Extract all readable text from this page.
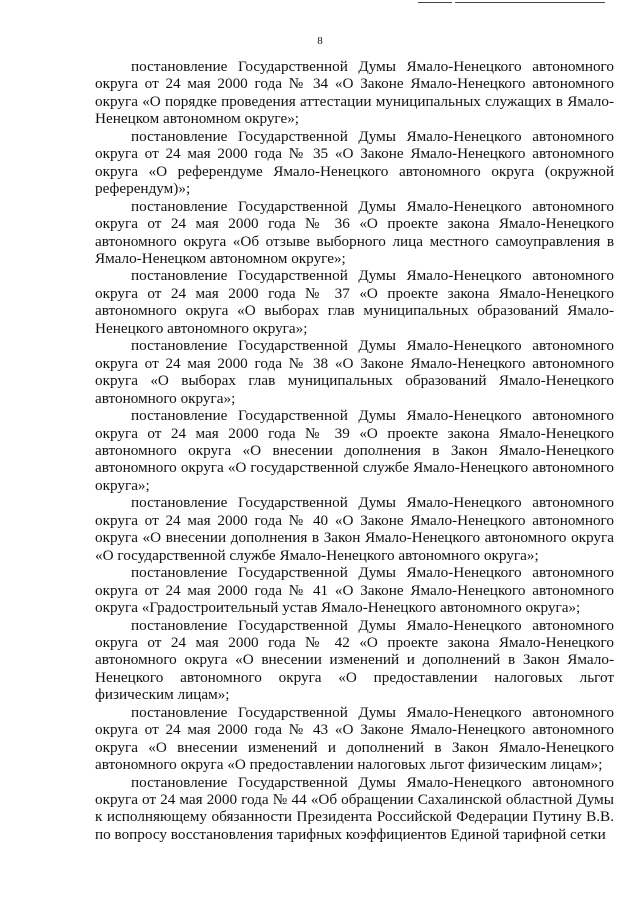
8

постановление Государственной Думы Ямало-Ненецкого автономного округа от 24 мая 2000 года № 34 «О Законе Ямало-Ненецкого автономного округа «О порядке проведения аттестации муниципальных служащих в Ямало-Ненецком автономном округе»;

постановление Государственной Думы Ямало-Ненецкого автономного округа от 24 мая 2000 года № 35 «О Законе Ямало-Ненецкого автономного округа «О референдуме Ямало-Ненецкого автономного округа (окружной референдум)»;

постановление Государственной Думы Ямало-Ненецкого автономного округа от 24 мая 2000 года № 36 «О проекте закона Ямало-Ненецкого автономного округа «Об отзыве выборного лица местного самоуправления в Ямало-Ненецком автономном округе»;

постановление Государственной Думы Ямало-Ненецкого автономного округа от 24 мая 2000 года № 37 «О проекте закона Ямало-Ненецкого автономного округа «О выборах глав муниципальных образований Ямало-Ненецкого автономного округа»;

постановление Государственной Думы Ямало-Ненецкого автономного округа от 24 мая 2000 года № 38 «О Законе Ямало-Ненецкого автономного округа «О выборах глав муниципальных образований Ямало-Ненецкого автономного округа»;

постановление Государственной Думы Ямало-Ненецкого автономного округа от 24 мая 2000 года № 39 «О проекте закона Ямало-Ненецкого автономного округа «О внесении дополнения в Закон Ямало-Ненецкого автономного округа «О государственной службе Ямало-Ненецкого автономного округа»;

постановление Государственной Думы Ямало-Ненецкого автономного округа от 24 мая 2000 года № 40 «О Законе Ямало-Ненецкого автономного округа «О внесении дополнения в Закон Ямало-Ненецкого автономного округа «О государственной службе Ямало-Ненецкого автономного округа»;

постановление Государственной Думы Ямало-Ненецкого автономного округа от 24 мая 2000 года № 41 «О Законе Ямало-Ненецкого автономного округа «Градостроительный устав Ямало-Ненецкого автономного округа»;

постановление Государственной Думы Ямало-Ненецкого автономного округа от 24 мая 2000 года № 42 «О проекте закона Ямало-Ненецкого автономного округа «О внесении изменений и дополнений в Закон Ямало-Ненецкого автономного округа «О предоставлении налоговых льгот физическим лицам»;

постановление Государственной Думы Ямало-Ненецкого автономного округа от 24 мая 2000 года № 43 «О Законе Ямало-Ненецкого автономного округа «О внесении изменений и дополнений в Закон Ямало-Ненецкого автономного округа «О предоставлении налоговых льгот физическим лицам»;

постановление Государственной Думы Ямало-Ненецкого автономного округа от 24 мая 2000 года № 44 «Об обращении Сахалинской областной Думы к исполняющему обязанности Президента Российской Федерации Путину В.В. по вопросу восстановления тарифных коэффициентов Единой тарифной сетки
